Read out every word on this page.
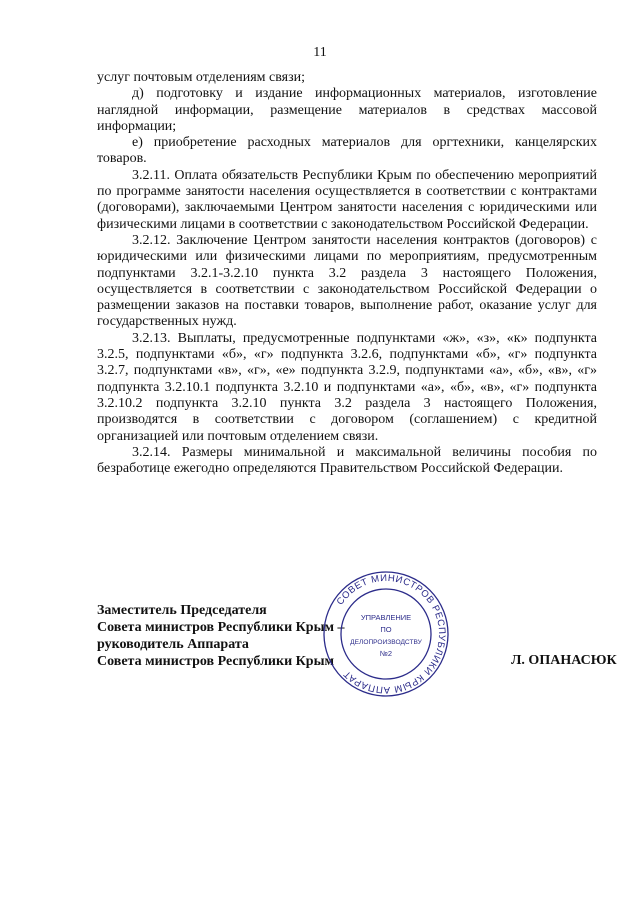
11

услуг почтовым отделениям связи;

д) подготовку и издание информационных материалов, изготовление наглядной информации, размещение материалов в средствах массовой информации;

е) приобретение расходных материалов для оргтехники, канцелярских товаров.

3.2.11. Оплата обязательств Республики Крым по обеспечению мероприятий по программе занятости населения осуществляется в соответствии с контрактами (договорами), заключаемыми Центром занятости населения с юридическими или физическими лицами в соответствии с законодательством Российской Федерации.

3.2.12. Заключение Центром занятости населения контрактов (договоров) с юридическими или физическими лицами по мероприятиям, предусмотренным подпунктами 3.2.1-3.2.10 пункта 3.2 раздела 3 настоящего Положения, осуществляется в соответствии с законодательством Российской Федерации о размещении заказов на поставки товаров, выполнение работ, оказание услуг для государственных нужд.

3.2.13. Выплаты, предусмотренные подпунктами «ж», «з», «к» подпункта 3.2.5, подпунктами «б», «г» подпункта 3.2.6, подпунктами «б», «г» подпункта 3.2.7, подпунктами «в», «г», «е» подпункта 3.2.9, подпунктами «а», «б», «в», «г» подпункта 3.2.10.1 подпункта 3.2.10 и подпунктами «а», «б», «в», «г» подпункта 3.2.10.2 подпункта 3.2.10 пункта 3.2 раздела 3 настоящего Положения, производятся в соответствии с договором (соглашением) с кредитной организацией или почтовым отделением связи.

3.2.14. Размеры минимальной и максимальной величины пособия по безработице ежегодно определяются Правительством Российской Федерации.

Заместитель Председателя
Совета министров Республики Крым –
руководитель Аппарата
Совета министров Республики Крым	Л. ОПАНАСЮК
СОВЕТ МИНИСТРОВ РЕСПУБЛИКИ КРЫМ АППАРАТ
УПРАВЛЕНИЕ
ПО
ДЕЛОПРОИЗВОДСТВУ
№2
